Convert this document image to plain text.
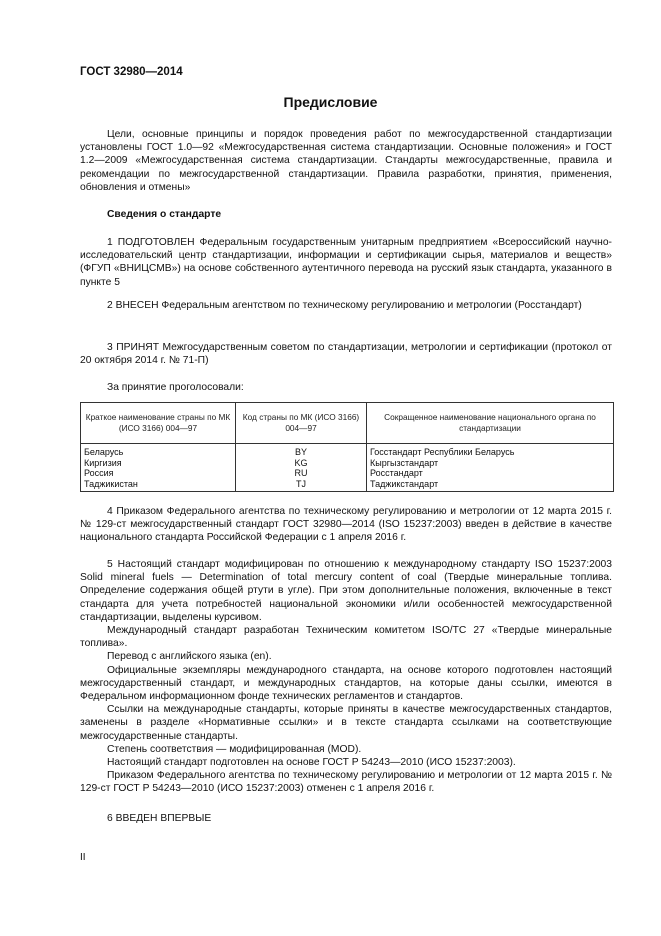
ГОСТ 32980—2014
Предисловие

Цели, основные принципы и порядок проведения работ по межгосударственной стандартизации установлены ГОСТ 1.0—92 «Межгосударственная система стандартизации. Основные положения» и ГОСТ 1.2—2009 «Межгосударственная система стандартизации. Стандарты межгосударственные, правила и рекомендации по межгосударственной стандартизации. Правила разработки, принятия, применения, обновления и отмены»

Сведения о стандарте

1 ПОДГОТОВЛЕН Федеральным государственным унитарным предприятием «Всероссийский научно-исследовательский центр стандартизации, информации и сертификации сырья, материалов и веществ» (ФГУП «ВНИЦСМВ») на основе собственного аутентичного перевода на русский язык стандарта, указанного в пункте 5

2 ВНЕСЕН Федеральным агентством по техническому регулированию и метрологии (Росстандарт)

3 ПРИНЯТ Межгосударственным советом по стандартизации, метрологии и сертификации (протокол от 20 октября 2014 г. № 71-П)

За принятие проголосовали:

Краткое наименование страны по МК (ИСО 3166) 004—97	Код страны по МК (ИСО 3166) 004—97	Сокращенное наименование национального органа по стандартизации
Беларусь	BY	Госстандарт Республики Беларусь
Киргизия	KG	Кыргызстандарт
Россия	RU	Росстандарт
Таджикистан	TJ	Таджикстандарт

4 Приказом Федерального агентства по техническому регулированию и метрологии от 12 марта 2015 г. № 129-ст межгосударственный стандарт ГОСТ 32980—2014 (ISO 15237:2003) введен в действие в качестве национального стандарта Российской Федерации с 1 апреля 2016 г.

5 Настоящий стандарт модифицирован по отношению к международному стандарту ISO 15237:2003 Solid mineral fuels — Determination of total mercury content of coal (Твердые минеральные топлива. Определение содержания общей ртути в угле). При этом дополнительные положения, включенные в текст стандарта для учета потребностей национальной экономики и/или особенностей межгосударственной стандартизации, выделены курсивом.

Международный стандарт разработан Техническим комитетом ISO/TC 27 «Твердые минеральные топлива».

Перевод с английского языка (en).

Официальные экземпляры международного стандарта, на основе которого подготовлен настоящий межгосударственный стандарт, и международных стандартов, на которые даны ссылки, имеются в Федеральном информационном фонде технических регламентов и стандартов.

Ссылки на международные стандарты, которые приняты в качестве межгосударственных стандартов, заменены в разделе «Нормативные ссылки» и в тексте стандарта ссылками на соответствующие межгосударственные стандарты.

Степень соответствия — модифицированная (MOD).

Настоящий стандарт подготовлен на основе ГОСТ Р 54243—2010 (ИСО 15237:2003).

Приказом Федерального агентства по техническому регулированию и метрологии от 12 марта 2015 г. № 129-ст ГОСТ Р 54243—2010 (ИСО 15237:2003) отменен с 1 апреля 2016 г.

6 ВВЕДЕН ВПЕРВЫЕ

II
